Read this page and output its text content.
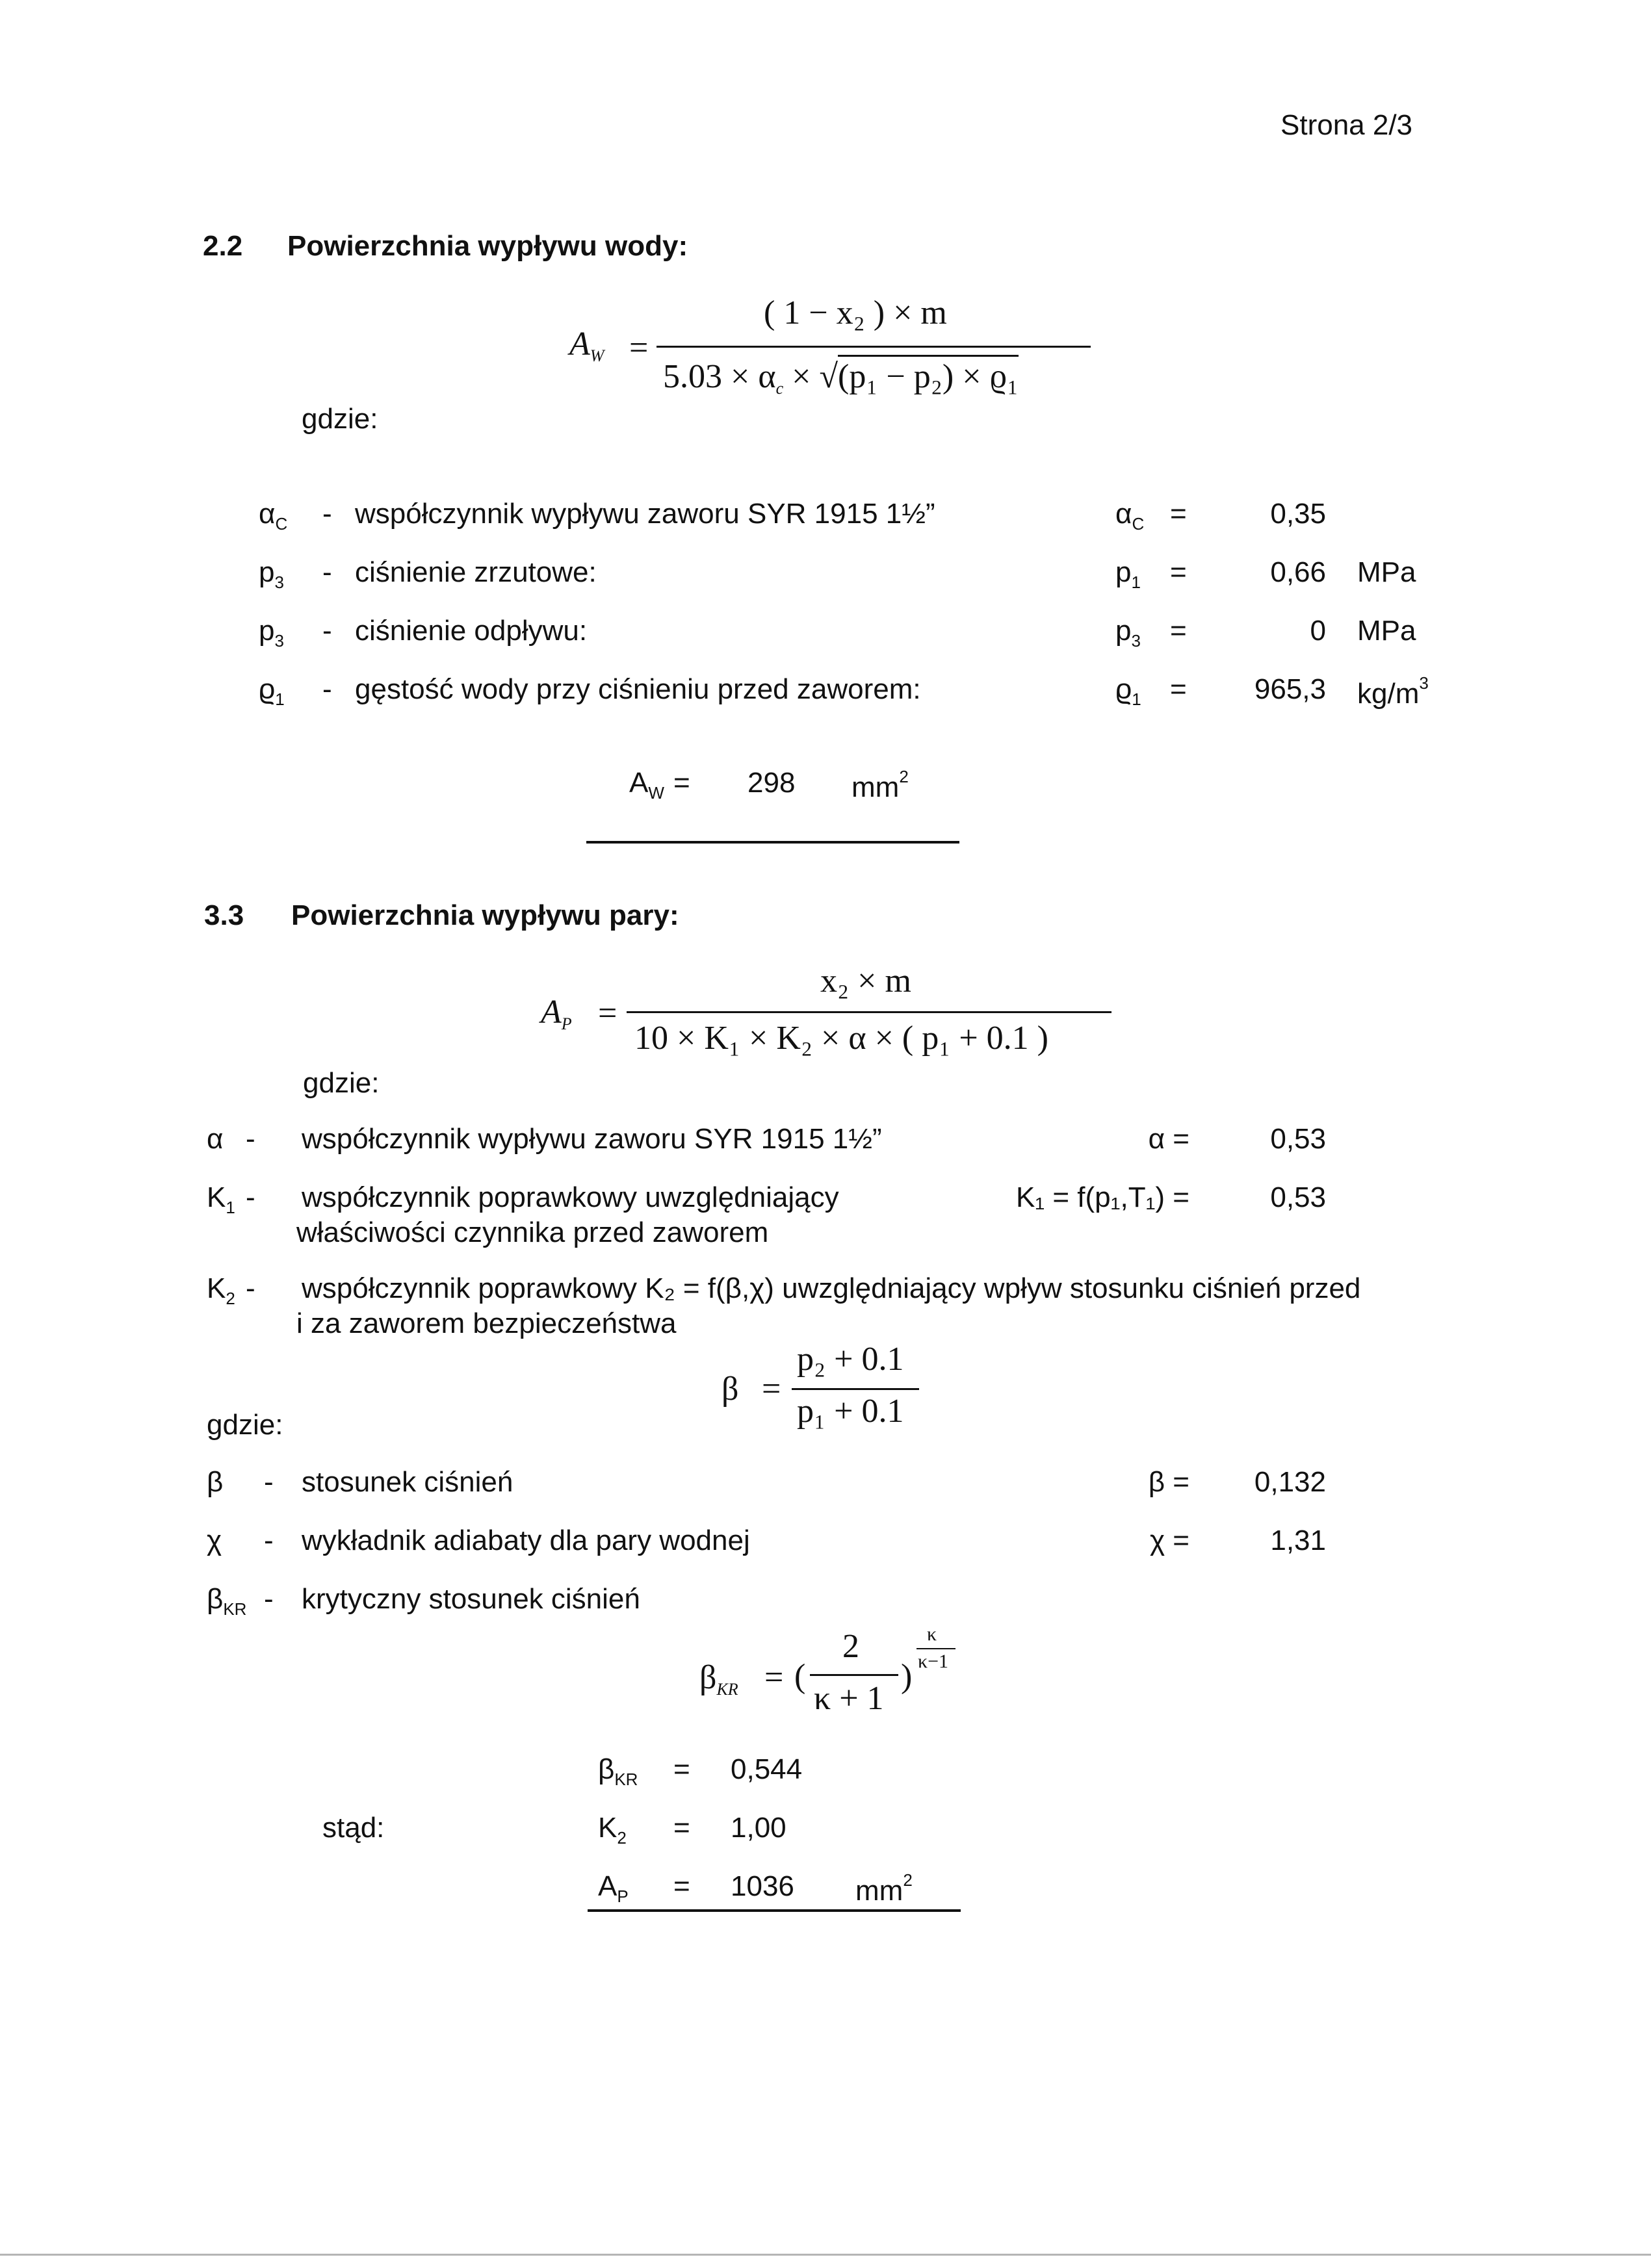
Strona 2/3
2.2 Powierzchnia wypływu wody:
$A_W$ =
( 1 − x₂ ) × m
$5.03 \times \alpha_c \times √(p_1 - p_2) \times ϱ_1$
gdzie:
$\alpha_C$ - współczynnik wypływu zaworu SYR 1915 1½”	$\alpha_C$ =	0,35
$p_3$ - ciśnienie zrzutowe:	$p_1$ =	0,66 MPa
$p_3$ - ciśnienie odpływu:	$p_3$ =	0 MPa
$ϱ_1$ - gęstość wody przy ciśnieniu przed zaworem:	$ϱ_1$ =	965,3 $kg/m^3$
$A_W = 298$ $mm^2$
3.3 Powierzchnia wypływu pary:
$A_P$ =
x₂ × m
10 × K₁ × K₂ × α × ( p₁ + 0.1 )
gdzie:
α - współczynnik wypływu zaworu SYR 1915 1½”	α =	0,53
$K_1$ - współczynnik poprawkowy uwzględniający
właściwości czynnika przed zaworem
K₁ = f(p₁,T₁) =	0,53
$K_2$ - współczynnik poprawkowy K₂ = f(β,χ) uwzględniający wpływ stosunku ciśnień przed
i za zaworem bezpieczeństwa
β =
p₂ + 0.1
p₁ + 0.1
gdzie:
β - stosunek ciśnień	β =	0,132
χ - wykładnik adiabaty dla pary wodnej	χ =	1,31
$\beta_{KR}$ - krytyczny stosunek ciśnień
$\beta_{KR}$ = (
2
κ + 1
)
κ
κ−1
stąd:
$\beta_{KR} = 0,544$
$K_2 = 1,00$
$A_P = 1036$ $mm^2$
